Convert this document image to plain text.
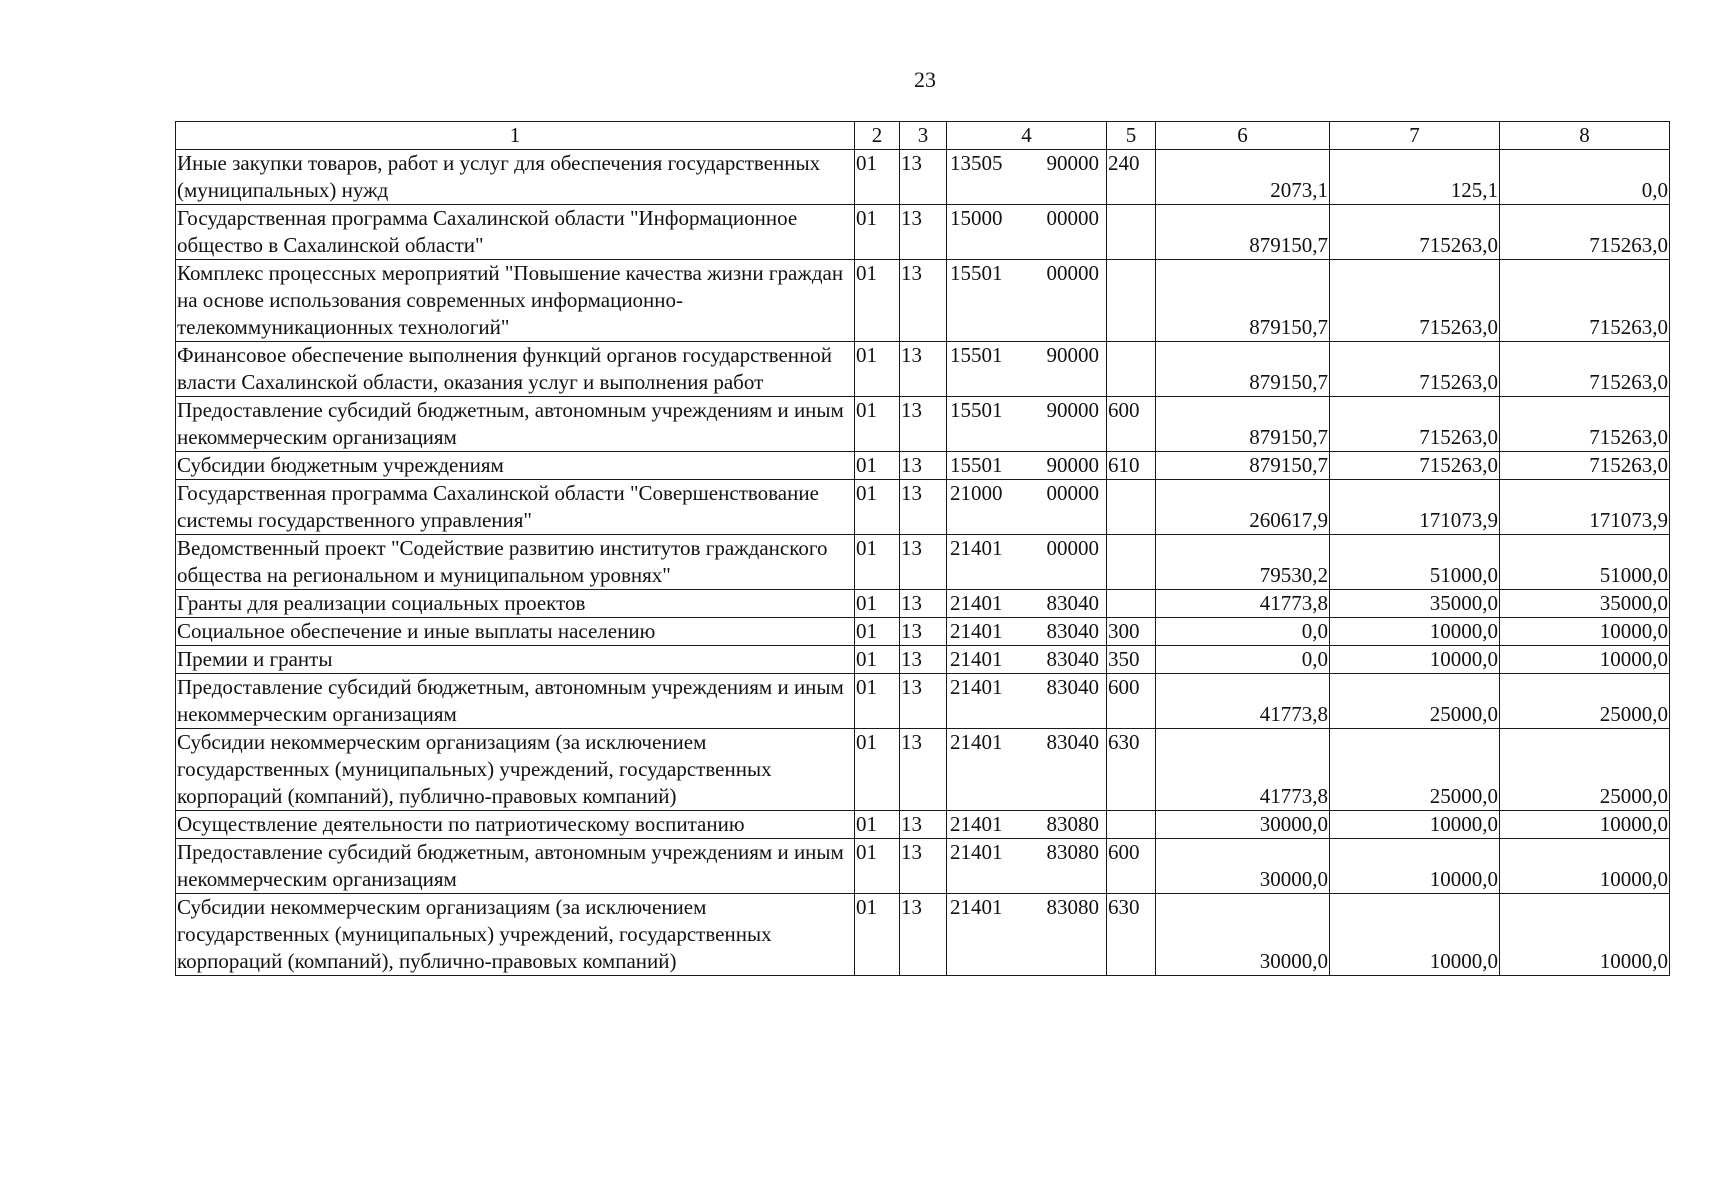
23
1	2	3	4	5	6	7	8
Иные закупки товаров, работ и услуг для обеспечения государственных (муниципальных) нужд	01	13	13505 90000	240	2073,1	125,1	0,0
Государственная программа Сахалинской области "Информационное общество в Сахалинской области"	01	13	15000 00000		879150,7	715263,0	715263,0
Комплекс процессных мероприятий "Повышение качества жизни граждан на основе использования современных информационно-телекоммуникационных технологий"	01	13	15501 00000		879150,7	715263,0	715263,0
Финансовое обеспечение выполнения функций органов государственной власти Сахалинской области, оказания услуг и выполнения работ	01	13	15501 90000		879150,7	715263,0	715263,0
Предоставление субсидий бюджетным, автономным учреждениям и иным некоммерческим организациям	01	13	15501 90000	600	879150,7	715263,0	715263,0
Субсидии бюджетным учреждениям	01	13	15501 90000	610	879150,7	715263,0	715263,0
Государственная программа Сахалинской области "Совершенствование системы государственного управления"	01	13	21000 00000		260617,9	171073,9	171073,9
Ведомственный проект "Содействие развитию институтов гражданского общества на региональном и муниципальном уровнях"	01	13	21401 00000		79530,2	51000,0	51000,0
Гранты для реализации социальных проектов	01	13	21401 83040		41773,8	35000,0	35000,0
Социальное обеспечение и иные выплаты населению	01	13	21401 83040	300	0,0	10000,0	10000,0
Премии и гранты	01	13	21401 83040	350	0,0	10000,0	10000,0
Предоставление субсидий бюджетным, автономным учреждениям и иным некоммерческим организациям	01	13	21401 83040	600	41773,8	25000,0	25000,0
Субсидии некоммерческим организациям (за исключением государственных (муниципальных) учреждений, государственных корпораций (компаний), публично-правовых компаний)	01	13	21401 83040	630	41773,8	25000,0	25000,0
Осуществление деятельности по патриотическому воспитанию	01	13	21401 83080		30000,0	10000,0	10000,0
Предоставление субсидий бюджетным, автономным учреждениям и иным некоммерческим организациям	01	13	21401 83080	600	30000,0	10000,0	10000,0
Субсидии некоммерческим организациям (за исключением государственных (муниципальных) учреждений, государственных корпораций (компаний), публично-правовых компаний)	01	13	21401 83080	630	30000,0	10000,0	10000,0
